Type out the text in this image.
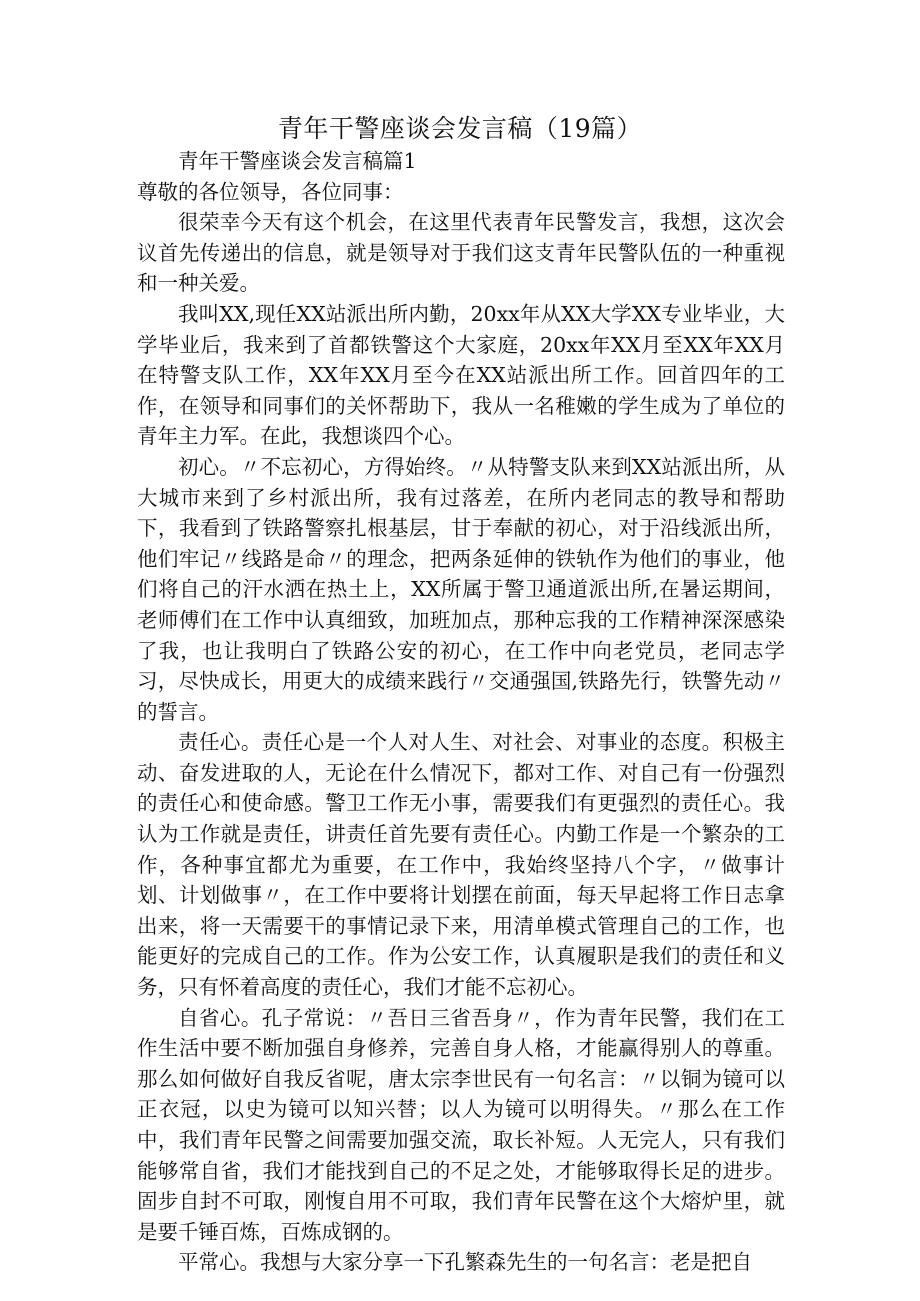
青年干警座谈会发言稿（19篇）

青年干警座谈会发言稿篇1

尊敬的各位领导，各位同事：

很荣幸今天有这个机会，在这里代表青年民警发言，我想，这次会议首先传递出的信息，就是领导对于我们这支青年民警队伍的一种重视和一种关爱。

我叫XX,现任XX站派出所内勤，20xx年从XX大学XX专业毕业，大学毕业后，我来到了首都铁警这个大家庭，20xx年XX月至XX年XX月在特警支队工作，XX年XX月至今在XX站派出所工作。回首四年的工作，在领导和同事们的关怀帮助下，我从一名稚嫩的学生成为了单位的青年主力军。在此，我想谈四个心。

初心。〃不忘初心，方得始终。〃从特警支队来到XX站派出所，从大城市来到了乡村派出所，我有过落差，在所内老同志的教导和帮助下，我看到了铁路警察扎根基层，甘于奉献的初心，对于沿线派出所，他们牢记〃线路是命〃的理念，把两条延伸的铁轨作为他们的事业，他们将自己的汗水洒在热土上，XX所属于警卫通道派出所,在暑运期间，老师傅们在工作中认真细致，加班加点，那种忘我的工作精神深深感染了我，也让我明白了铁路公安的初心，在工作中向老党员，老同志学习，尽快成长，用更大的成绩来践行〃交通强国,铁路先行，铁警先动〃的誓言。

责任心。责任心是一个人对人生、对社会、对事业的态度。积极主动、奋发进取的人，无论在什么情况下，都对工作、对自己有一份强烈的责任心和使命感。警卫工作无小事，需要我们有更强烈的责任心。我认为工作就是责任，讲责任首先要有责任心。内勤工作是一个繁杂的工作，各种事宜都尤为重要，在工作中，我始终坚持八个字，〃做事计划、计划做事〃，在工作中要将计划摆在前面，每天早起将工作日志拿出来，将一天需要干的事情记录下来，用清单模式管理自己的工作，也能更好的完成自己的工作。作为公安工作，认真履职是我们的责任和义务，只有怀着高度的责任心，我们才能不忘初心。

自省心。孔子常说：〃吾日三省吾身〃，作为青年民警，我们在工作生活中要不断加强自身修养，完善自身人格，才能赢得别人的尊重。那么如何做好自我反省呢，唐太宗李世民有一句名言：〃以铜为镜可以正衣冠，以史为镜可以知兴替；以人为镜可以明得失。〃那么在工作中，我们青年民警之间需要加强交流，取长补短。人无完人，只有我们能够常自省，我们才能找到自己的不足之处，才能够取得长足的进步。固步自封不可取，刚愎自用不可取，我们青年民警在这个大熔炉里，就是要千锤百炼，百炼成钢的。

平常心。我想与大家分享一下孔繁森先生的一句名言：老是把自
